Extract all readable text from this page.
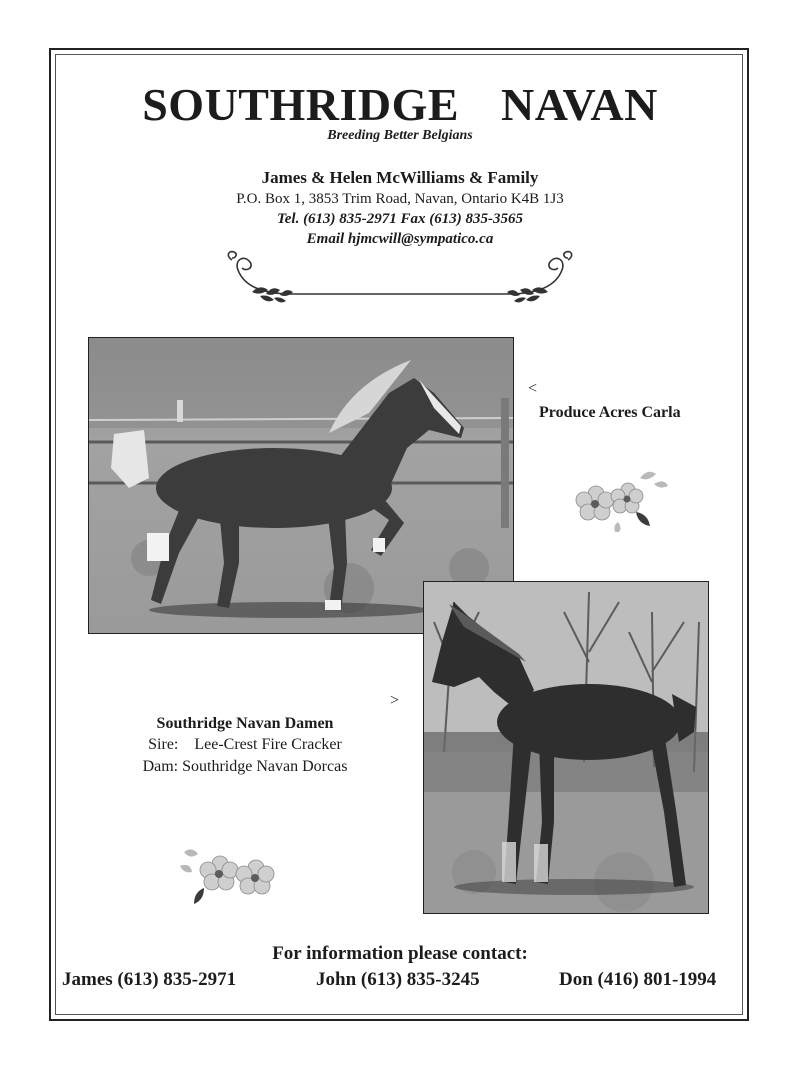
SOUTHRIDGE NAVAN
Breeding Better Belgians
James & Helen McWilliams & Family
P.O. Box 1, 3853 Trim Road, Navan, Ontario K4B 1J3
Tel. (613) 835-2971 Fax (613) 835-3565
Email hjmcwill@sympatico.ca
<
Produce Acres Carla
>
Southridge Navan Damen
Sire:    Lee-Crest Fire Cracker
Dam: Southridge Navan Dorcas
For information please contact:
James (613) 835-2971	John (613) 835-3245	Don (416) 801-1994
